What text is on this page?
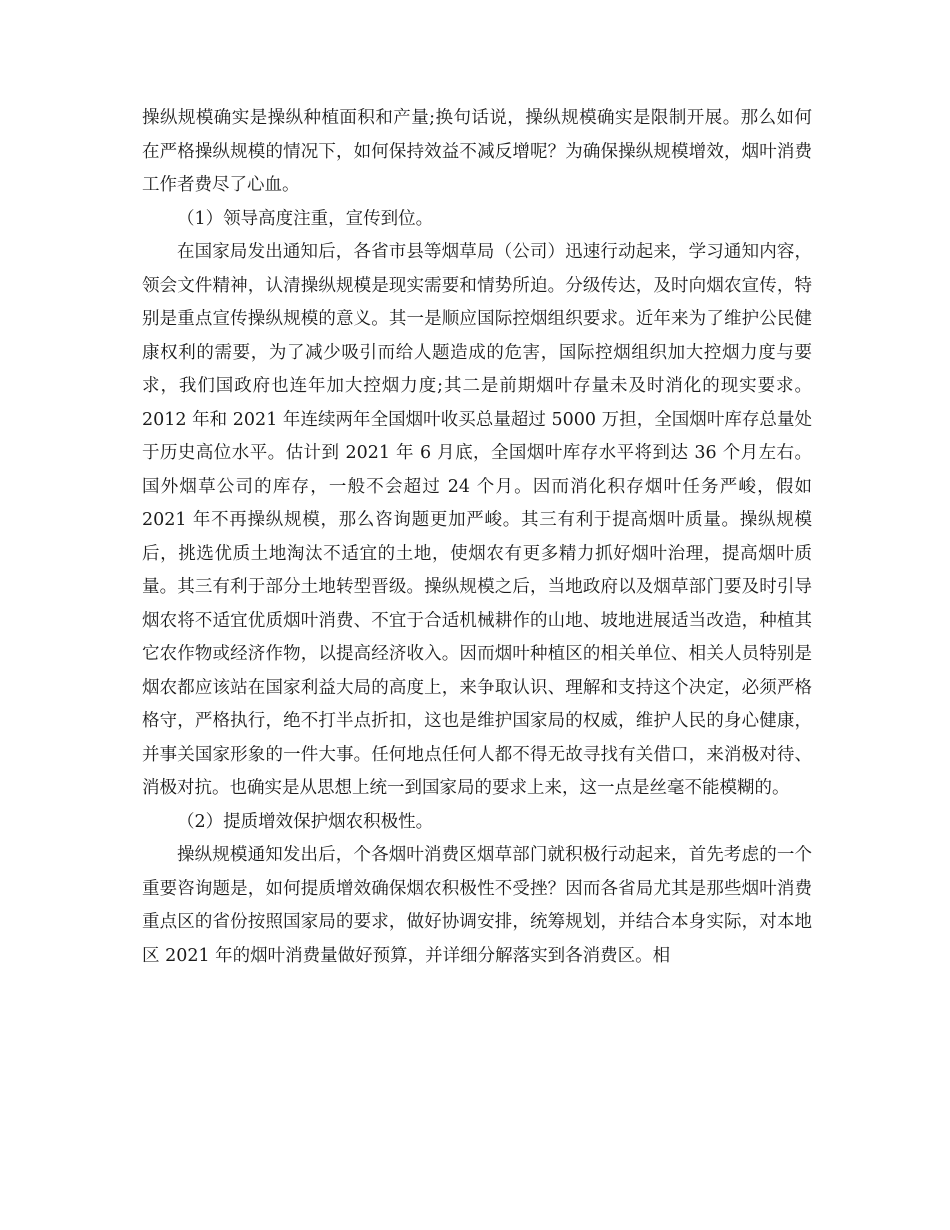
操纵规模确实是操纵种植面积和产量;换句话说，操纵规模确实是限制开展。那么如何在严格操纵规模的情况下，如何保持效益不减反增呢？为确保操纵规模增效，烟叶消费工作者费尽了心血。

（1）领导高度注重，宣传到位。

在国家局发出通知后，各省市县等烟草局（公司）迅速行动起来，学习通知内容，领会文件精神，认清操纵规模是现实需要和情势所迫。分级传达，及时向烟农宣传，特别是重点宣传操纵规模的意义。其一是顺应国际控烟组织要求。近年来为了维护公民健康权利的需要，为了减少吸引而给人题造成的危害，国际控烟组织加大控烟力度与要求，我们国政府也连年加大控烟力度;其二是前期烟叶存量未及时消化的现实要求。2012 年和 2021 年连续两年全国烟叶收买总量超过 5000 万担，全国烟叶库存总量处于历史高位水平。估计到 2021 年 6 月底，全国烟叶库存水平将到达 36 个月左右。国外烟草公司的库存，一般不会超过 24 个月。因而消化积存烟叶任务严峻，假如 2021 年不再操纵规模，那么咨询题更加严峻。其三有利于提高烟叶质量。操纵规模后，挑选优质土地淘汰不适宜的土地，使烟农有更多精力抓好烟叶治理，提高烟叶质量。其三有利于部分土地转型晋级。操纵规模之后，当地政府以及烟草部门要及时引导烟农将不适宜优质烟叶消费、不宜于合适机械耕作的山地、坡地进展适当改造，种植其它农作物或经济作物，以提高经济收入。因而烟叶种植区的相关单位、相关人员特别是烟农都应该站在国家利益大局的高度上，来争取认识、理解和支持这个决定，必须严格格守，严格执行，绝不打半点折扣，这也是维护国家局的权威，维护人民的身心健康，并事关国家形象的一件大事。任何地点任何人都不得无故寻找有关借口，来消极对待、消极对抗。也确实是从思想上统一到国家局的要求上来，这一点是丝毫不能模糊的。

（2）提质增效保护烟农积极性。

操纵规模通知发出后，个各烟叶消费区烟草部门就积极行动起来，首先考虑的一个重要咨询题是，如何提质增效确保烟农积极性不受挫？因而各省局尤其是那些烟叶消费重点区的省份按照国家局的要求，做好协调安排，统筹规划，并结合本身实际，对本地区 2021 年的烟叶消费量做好预算，并详细分解落实到各消费区。相
